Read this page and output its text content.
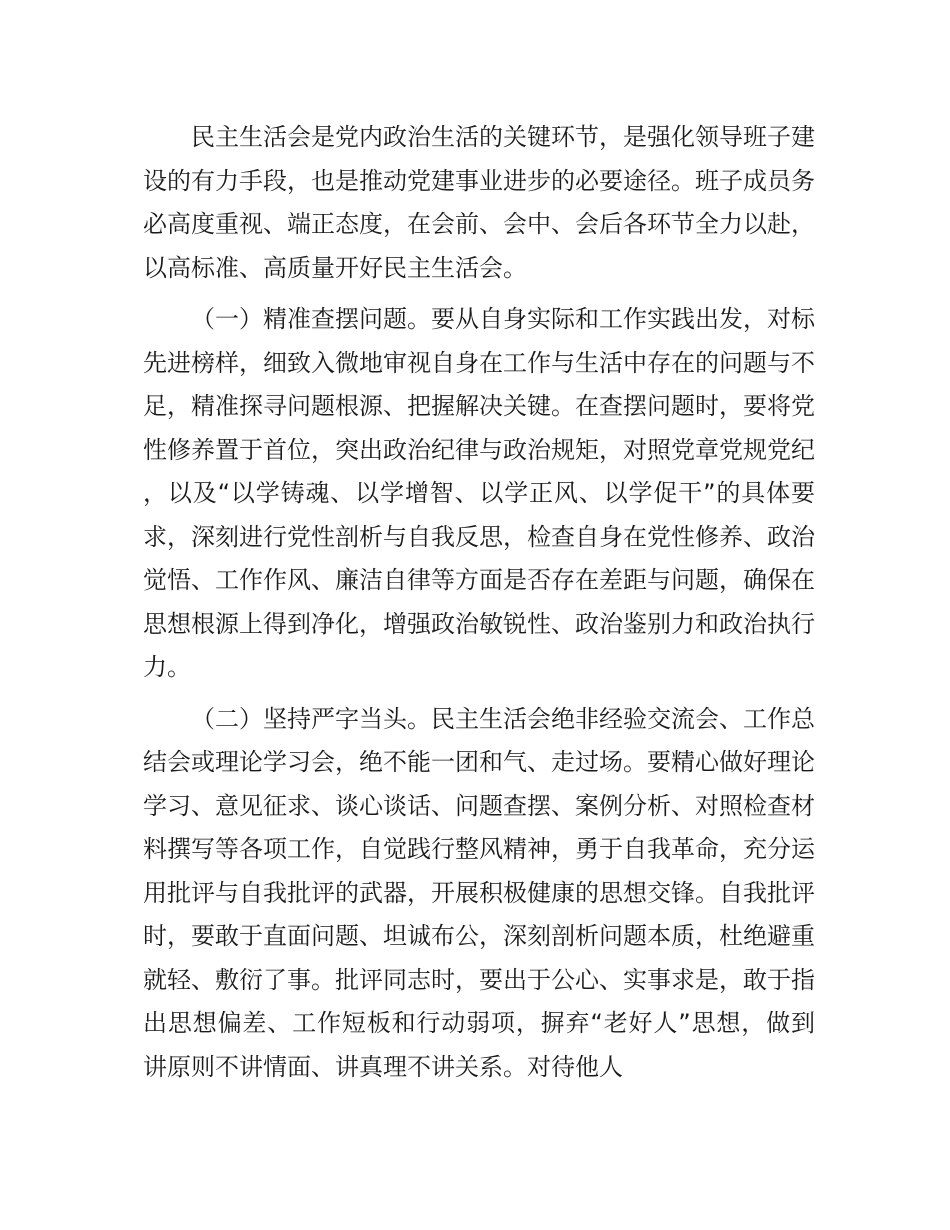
民主生活会是党内政治生活的关键环节，是强化领导班子建设的有力手段，也是推动党建事业进步的必要途径。班子成员务必高度重视、端正态度，在会前、会中、会后各环节全力以赴，以高标准、高质量开好民主生活会。

（一）精准查摆问题。要从自身实际和工作实践出发，对标先进榜样，细致入微地审视自身在工作与生活中存在的问题与不足，精准探寻问题根源、把握解决关键。在查摆问题时，要将党性修养置于首位，突出政治纪律与政治规矩，对照党章党规党纪，以及“以学铸魂、以学增智、以学正风、以学促干”的具体要求，深刻进行党性剖析与自我反思，检查自身在党性修养、政治觉悟、工作作风、廉洁自律等方面是否存在差距与问题，确保在思想根源上得到净化，增强政治敏锐性、政治鉴别力和政治执行力。

（二）坚持严字当头。民主生活会绝非经验交流会、工作总结会或理论学习会，绝不能一团和气、走过场。要精心做好理论学习、意见征求、谈心谈话、问题查摆、案例分析、对照检查材料撰写等各项工作，自觉践行整风精神，勇于自我革命，充分运用批评与自我批评的武器，开展积极健康的思想交锋。自我批评时，要敢于直面问题、坦诚布公，深刻剖析问题本质，杜绝避重就轻、敷衍了事。批评同志时，要出于公心、实事求是，敢于指出思想偏差、工作短板和行动弱项，摒弃“老好人”思想，做到讲原则不讲情面、讲真理不讲关系。对待他人
